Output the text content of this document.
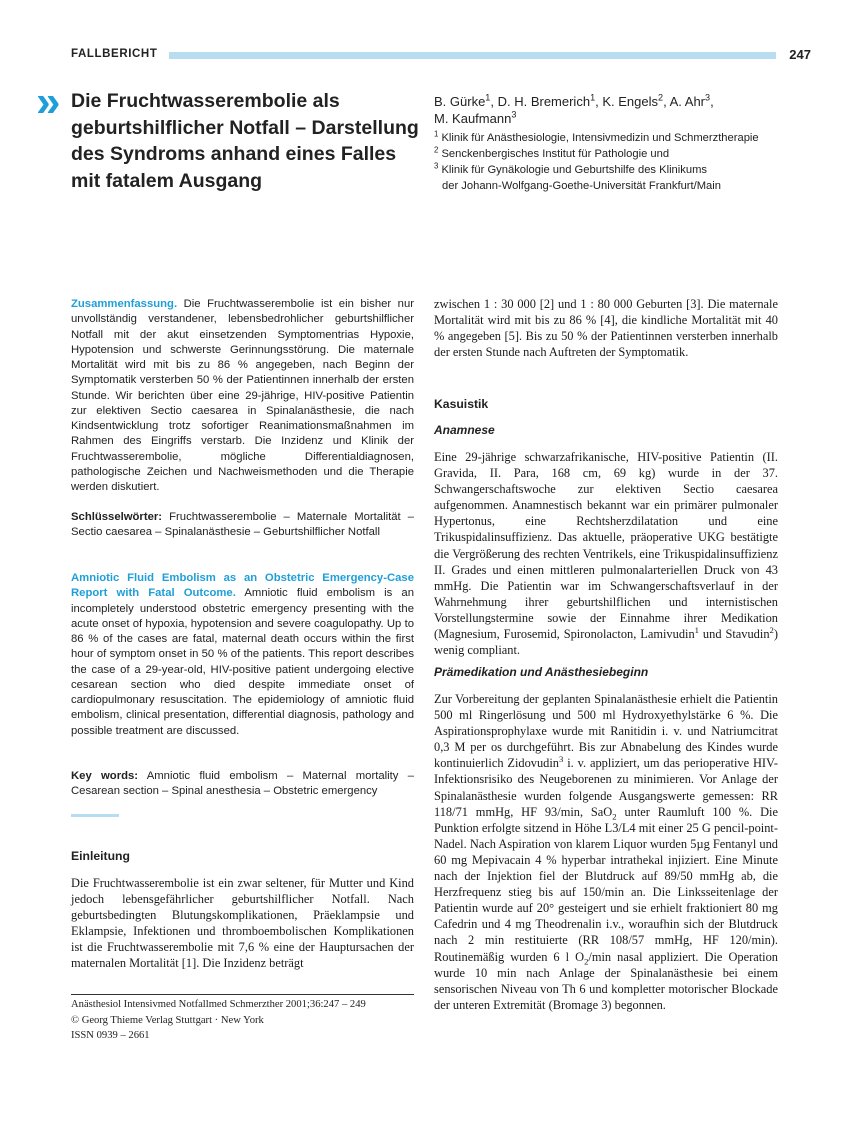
FALLBERICHT	247
» Die Fruchtwasserembolie als geburtshilflicher Notfall – Darstellung des Syndroms anhand eines Falles mit fatalem Ausgang

B. Gürke$^1$, D. H. Bremerich$^1$, K. Engels$^2$, A. Ahr$^3$,
M. Kaufmann$^3$

$^1$ Klinik für Anästhesiologie, Intensivmedizin und Schmerztherapie
$^2$ Senckenbergisches Institut für Pathologie und
$^3$ Klinik für Gynäkologie und Geburtshilfe des Klinikums
der Johann-Wolfgang-Goethe-Universität Frankfurt/Main

Zusammenfassung. Die Fruchtwasserembolie ist ein bisher nur unvollständig verstandener, lebensbedrohlicher geburtshilflicher Notfall mit der akut einsetzenden Symptomentrias Hypoxie, Hypotension und schwerste Gerinnungsstörung. Die maternale Mortalität wird mit bis zu 86 % angegeben, nach Beginn der Symptomatik versterben 50 % der Patientinnen innerhalb der ersten Stunde. Wir berichten über eine 29-jährige, HIV-positive Patientin zur elektiven Sectio caesarea in Spinalanästhesie, die nach Kindsentwicklung trotz sofortiger Reanimationsmaßnahmen im Rahmen des Eingriffs verstarb. Die Inzidenz und Klinik der Fruchtwasserembolie, mögliche Differentialdiagnosen, pathologische Zeichen und Nachweismethoden und die Therapie werden diskutiert.

Schlüsselwörter: Fruchtwasserembolie – Maternale Mortalität – Sectio caesarea – Spinalanästhesie – Geburtshilflicher Notfall

Amniotic Fluid Embolism as an Obstetric Emergency-Case Report with Fatal Outcome. Amniotic fluid embolism is an incompletely understood obstetric emergency presenting with the acute onset of hypoxia, hypotension and severe coagulopathy. Up to 86 % of the cases are fatal, maternal death occurs within the first hour of symptom onset in 50 % of the patients. This report describes the case of a 29-year-old, HIV-positive patient undergoing elective cesarean section who died despite immediate onset of cardiopulmonary resuscitation. The epidemiology of amniotic fluid embolism, clinical presentation, differential diagnosis, pathology and possible treatment are discussed.

Key words: Amniotic fluid embolism – Maternal mortality – Cesarean section – Spinal anesthesia – Obstetric emergency

Einleitung

Die Fruchtwasserembolie ist ein zwar seltener, für Mutter und Kind jedoch lebensgefährlicher geburtshilflicher Notfall. Nach geburtsbedingten Blutungskomplikationen, Präeklampsie und Eklampsie, Infektionen und thromboembolischen Komplikationen ist die Fruchtwasserembolie mit 7,6 % eine der Hauptursachen der maternalen Mortalität [1]. Die Inzidenz beträgt

Anästhesiol Intensivmed Notfallmed Schmerzther 2001;36:247 – 249
© Georg Thieme Verlag Stuttgart · New York
ISSN 0939 – 2661

zwischen 1 : 30 000 [2] und 1 : 80 000 Geburten [3]. Die maternale Mortalität wird mit bis zu 86 % [4], die kindliche Mortalität mit 40 % angegeben [5]. Bis zu 50 % der Patientinnen versterben innerhalb der ersten Stunde nach Auftreten der Symptomatik.

Kasuistik
Anamnese

Eine 29-jährige schwarzafrikanische, HIV-positive Patientin (II. Gravida, II. Para, 168 cm, 69 kg) wurde in der 37. Schwangerschaftswoche zur elektiven Sectio caesarea aufgenommen. Anamnestisch bekannt war ein primärer pulmonaler Hypertonus, eine Rechtsherzdilatation und eine Trikuspidalinsuffizienz. Das aktuelle, präoperative UKG bestätigte die Vergrößerung des rechten Ventrikels, eine Trikuspidalinsuffizienz II. Grades und einen mittleren pulmonalarteriellen Druck von 43 mmHg. Die Patientin war im Schwangerschaftsverlauf in der Wahrnehmung ihrer geburtshilflichen und internistischen Vorstellungstermine sowie der Einnahme ihrer Medikation (Magnesium, Furosemid, Spironolacton, Lamivudin$^1$ und Stavudin$^2$) wenig compliant.

Prämedikation und Anästhesiebeginn

Zur Vorbereitung der geplanten Spinalanästhesie erhielt die Patientin 500 ml Ringerlösung und 500 ml Hydroxyethylstärke 6 %. Die Aspirationsprophylaxe wurde mit Ranitidin i. v. und Natriumcitrat 0,3 M per os durchgeführt. Bis zur Abnabelung des Kindes wurde kontinuierlich Zidovudin$^3$ i. v. appliziert, um das perioperative HIV-Infektionsrisiko des Neugeborenen zu minimieren. Vor Anlage der Spinalanästhesie wurden folgende Ausgangswerte gemessen: RR 118/71 mmHg, HF 93/min, SaO$_2$ unter Raumluft 100 %. Die Punktion erfolgte sitzend in Höhe L3/L4 mit einer 25 G pencil-point-Nadel. Nach Aspiration von klarem Liquor wurden 5µg Fentanyl und 60 mg Mepivacain 4 % hyperbar intrathekal injiziert. Eine Minute nach der Injektion fiel der Blutdruck auf 89/50 mmHg ab, die Herzfrequenz stieg bis auf 150/min an. Die Linksseitenlage der Patientin wurde auf 20° gesteigert und sie erhielt fraktioniert 80 mg Cafedrin und 4 mg Theodrenalin i.v., woraufhin sich der Blutdruck nach 2 min restituierte (RR 108/57 mmHg, HF 120/min). Routinemäßig wurden 6 l $O_2/\min$ nasal appliziert. Die Operation wurde 10 min nach Anlage der Spinalanästhesie bei einem sensorischen Niveau von Th 6 und kompletter motorischer Blockade der unteren Extremität (Bromage 3) begonnen.
